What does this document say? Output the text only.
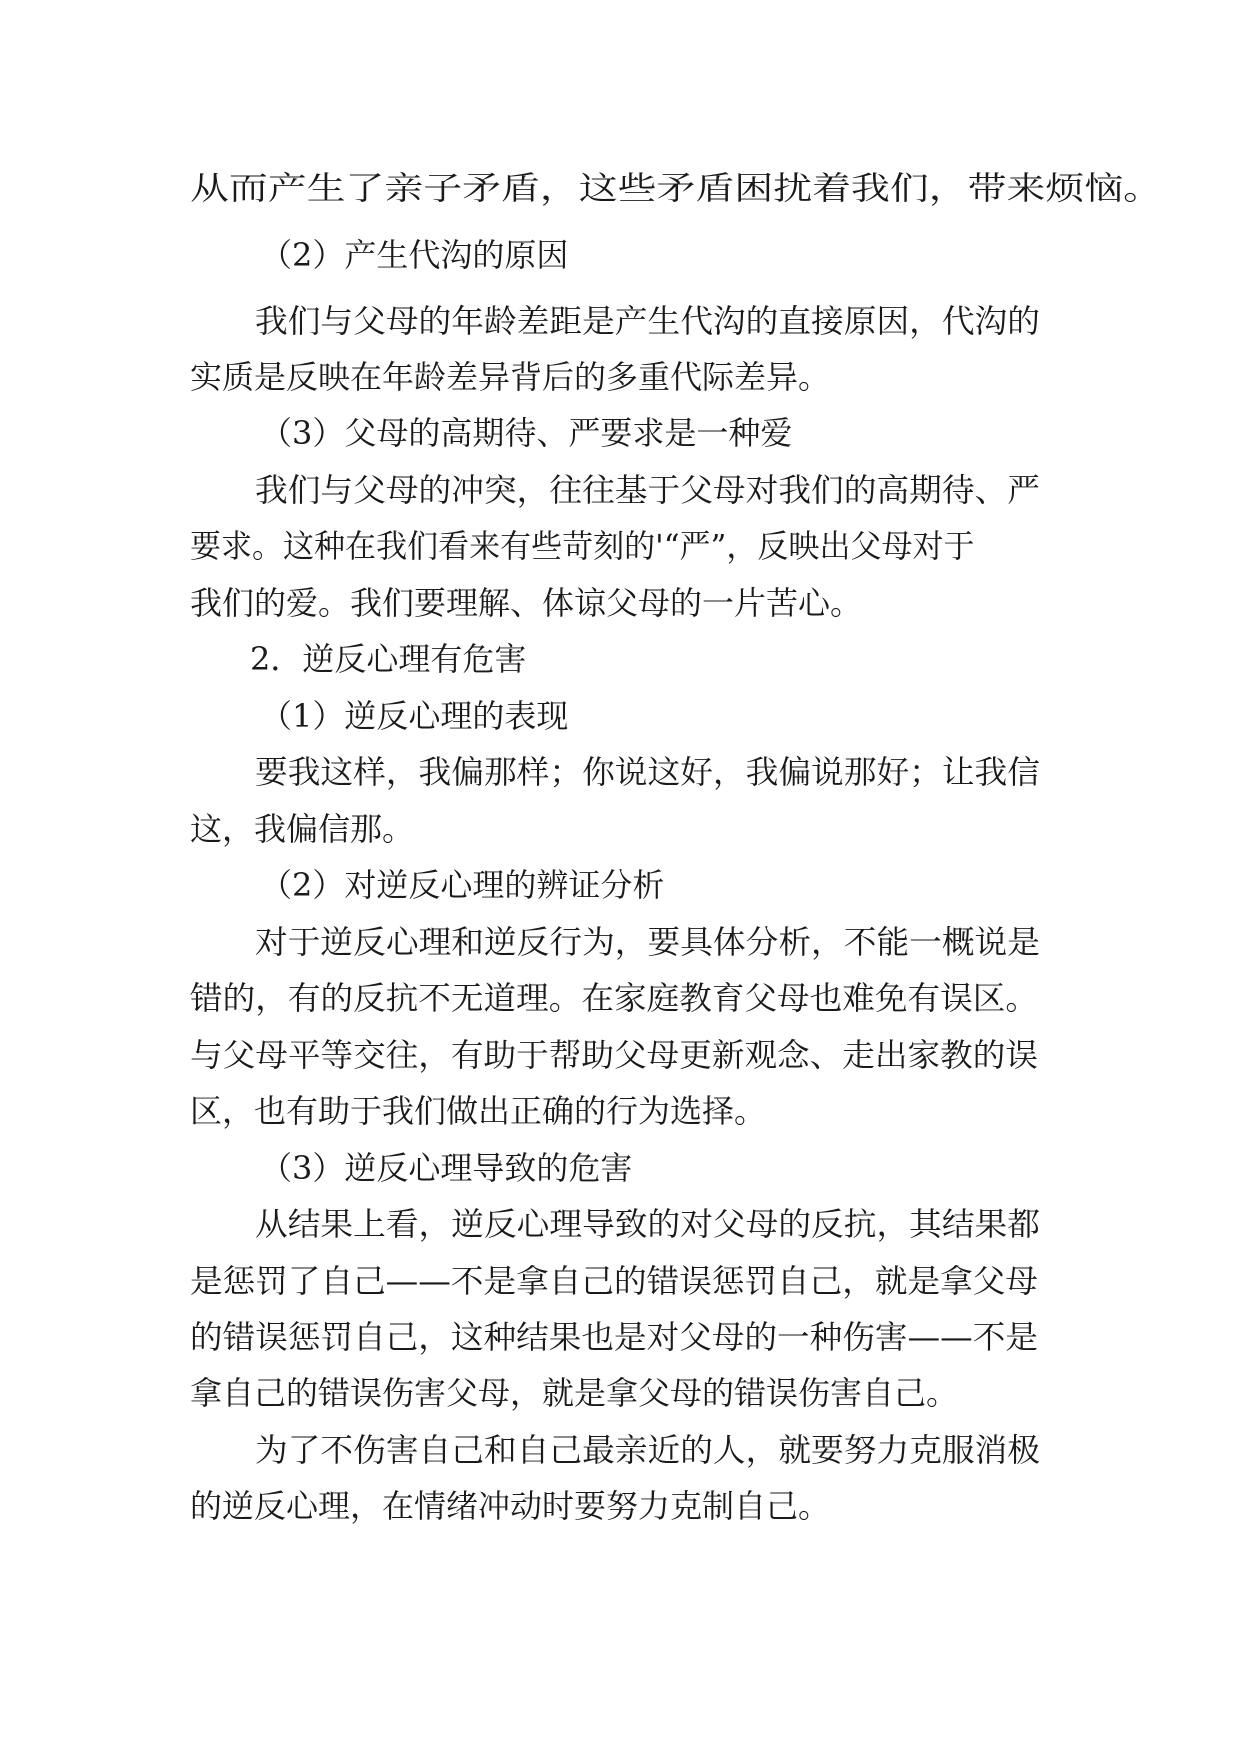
从而产生了亲子矛盾，这些矛盾困扰着我们，带来烦恼。

（2）产生代沟的原因

我们与父母的年龄差距是产生代沟的直接原因，代沟的

实质是反映在年龄差异背后的多重代际差异。

（3）父母的高期待、严要求是一种爱

我们与父母的冲突，往往基于父母对我们的高期待、严

要求。这种在我们看来有些苛刻的'“严”，反映出父母对于

我们的爱。我们要理解、体谅父母的一片苦心。

2．逆反心理有危害

（1）逆反心理的表现

要我这样，我偏那样；你说这好，我偏说那好；让我信

这，我偏信那。

（2）对逆反心理的辨证分析

对于逆反心理和逆反行为，要具体分析，不能一概说是

错的，有的反抗不无道理。在家庭教育父母也难免有误区。

与父母平等交往，有助于帮助父母更新观念、走出家教的误

区，也有助于我们做出正确的行为选择。

（3）逆反心理导致的危害

从结果上看，逆反心理导致的对父母的反抗，其结果都

是惩罚了自己——不是拿自己的错误惩罚自己，就是拿父母

的错误惩罚自己，这种结果也是对父母的一种伤害——不是

拿自己的错误伤害父母，就是拿父母的错误伤害自己。

为了不伤害自己和自己最亲近的人，就要努力克服消极

的逆反心理，在情绪冲动时要努力克制自己。
